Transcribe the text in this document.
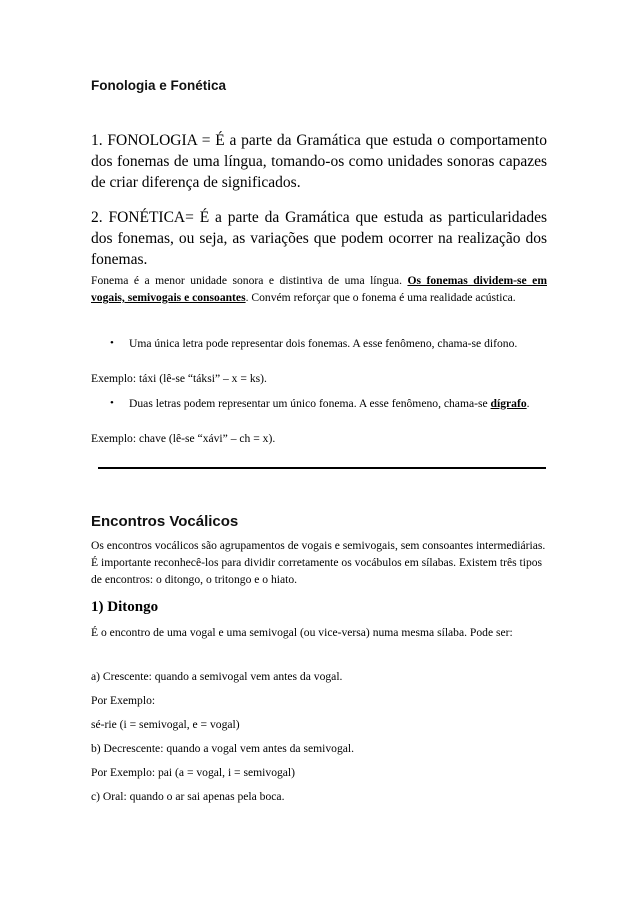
Fonologia e Fonética
1. FONOLOGIA = É a parte da Gramática que estuda o comportamento dos fonemas de uma língua, tomando-os como unidades sonoras capazes de criar diferença de significados.
2. FONÉTICA= É a parte da Gramática que estuda as particularidades dos fonemas, ou seja, as variações que podem ocorrer na realização dos fonemas.
Fonema é a menor unidade sonora e distintiva de uma língua. Os fonemas dividem-se em vogais, semivogais e consoantes. Convém reforçar que o fonema é uma realidade acústica.
• Uma única letra pode representar dois fonemas. A esse fenômeno, chama-se difono.
Exemplo: táxi (lê-se “táksi” – x = ks).
• Duas letras podem representar um único fonema. A esse fenômeno, chama-se dígrafo.
Exemplo: chave (lê-se “xávi” – ch = x).
Encontros Vocálicos
Os encontros vocálicos são agrupamentos de vogais e semivogais, sem consoantes intermediárias. É importante reconhecê-los para dividir corretamente os vocábulos em sílabas. Existem três tipos de encontros: o ditongo, o tritongo e o hiato.
1) Ditongo
É o encontro de uma vogal e uma semivogal (ou vice-versa) numa mesma sílaba. Pode ser:
a) Crescente: quando a semivogal vem antes da vogal.
Por Exemplo:
sé-rie (i = semivogal, e = vogal)
b) Decrescente: quando a vogal vem antes da semivogal.
Por Exemplo: pai (a = vogal, i = semivogal)
c) Oral: quando o ar sai apenas pela boca.
